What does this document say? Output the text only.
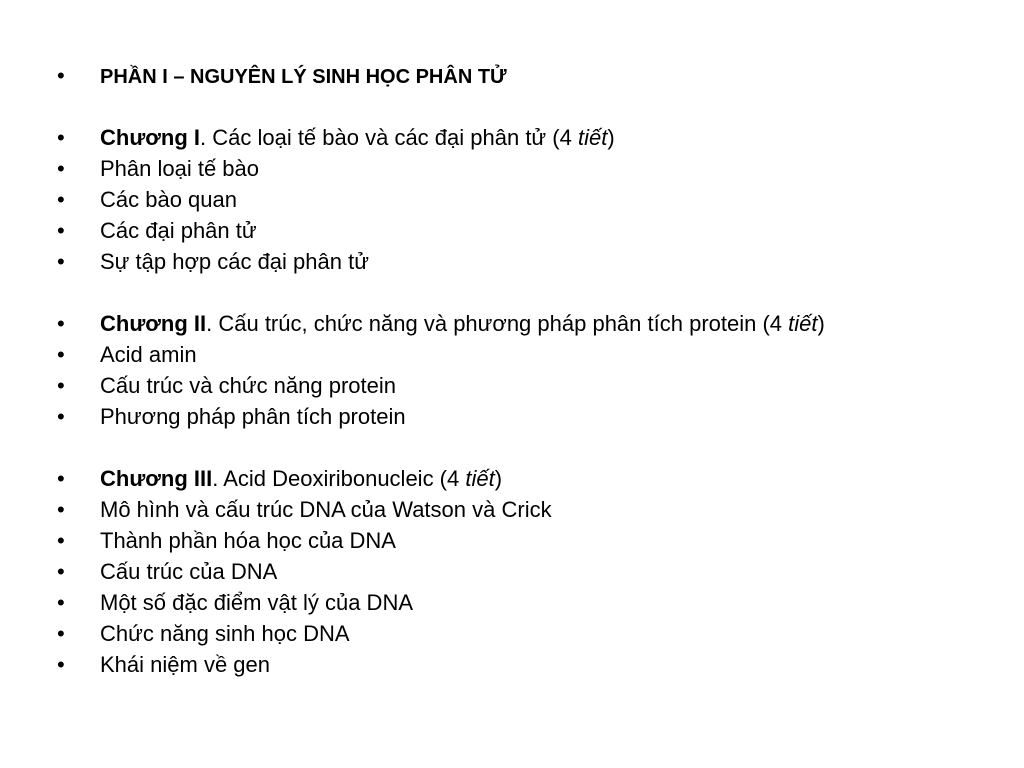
•	PHẦN I – NGUYÊN LÝ SINH HỌC PHÂN TỬ
•	Chương I. Các loại tế bào và các đại phân tử (4 tiết)
•	Phân loại tế bào
•	Các bào quan
•	Các đại phân tử
•	Sự tập hợp các đại phân tử
•	Chương II. Cấu trúc, chức năng và phương pháp phân tích protein (4 tiết)
•	Acid amin
•	Cấu trúc và chức năng protein
•	Phương pháp phân tích protein
•	Chương III. Acid Deoxiribonucleic (4 tiết)
•	Mô hình và cấu trúc DNA của Watson và Crick
•	Thành phần hóa học của DNA
•	Cấu trúc của DNA
•	Một số đặc điểm vật lý của DNA
•	Chức năng sinh học DNA
•	Khái niệm về gen
